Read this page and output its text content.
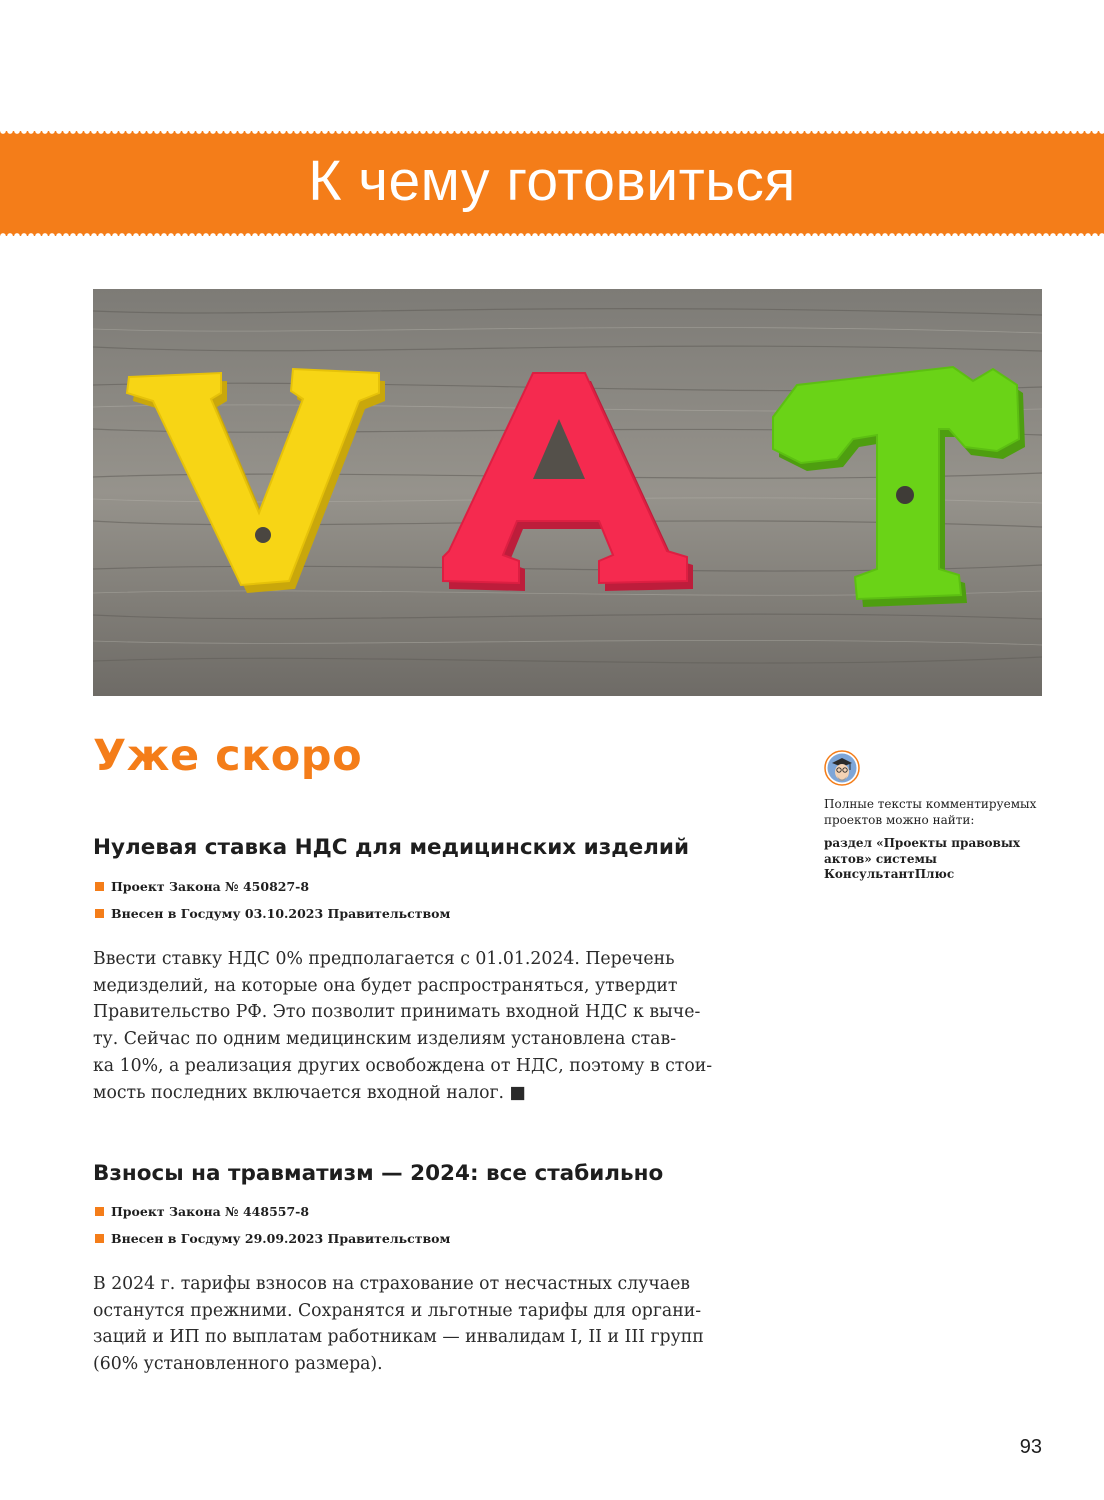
К чему готовиться
Уже скоро
Нулевая ставка НДС для медицинских изделий
Проект Закона № 450827-8
Внесен в Госдуму 03.10.2023 Правительством
Ввести ставку НДС 0% предполагается с 01.01.2024. Перечень
медизделий, на которые она будет распространяться, утвердит
Правительство РФ. Это позволит принимать входной НДС к выче-
ту. Сейчас по одним медицинским изделиям установлена став-
ка 10%, а реализация других освобождена от НДС, поэтому в стои-
мость последних включается входной налог. ■
Взносы на травматизм — 2024: все стабильно
Проект Закона № 448557-8
Внесен в Госдуму 29.09.2023 Правительством
В 2024 г. тарифы взносов на страхование от несчастных случаев
останутся прежними. Сохранятся и льготные тарифы для органи-
заций и ИП по выплатам работникам — инвалидам I, II и III групп
(60% установленного размера).
Полные тексты комментируемых
проектов можно найти:
раздел «Проекты правовых
актов» системы
КонсультантПлюс
93
